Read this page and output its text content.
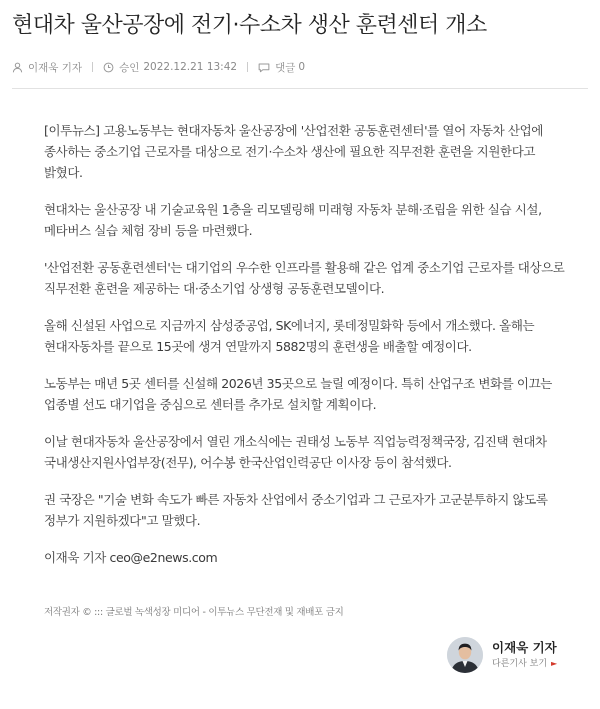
현대차 울산공장에 전기·수소차 생산 훈련센터 개소
이재욱 기자	승인 2022.12.21 13:42	댓글 0

[이투뉴스] 고용노동부는 현대자동차 울산공장에 '산업전환 공동훈련센터'를 열어 자동차 산업에 종사하는 중소기업 근로자를 대상으로 전기·수소차 생산에 필요한 직무전환 훈련을 지원한다고 밝혔다.

현대차는 울산공장 내 기술교육원 1층을 리모델링해 미래형 자동차 분해·조립을 위한 실습 시설, 메타버스 실습 체험 장비 등을 마련했다.

'산업전환 공동훈련센터'는 대기업의 우수한 인프라를 활용해 같은 업계 중소기업 근로자를 대상으로 직무전환 훈련을 제공하는 대·중소기업 상생형 공동훈련모델이다.

올해 신설된 사업으로 지금까지 삼성중공업, SK에너지, 롯데정밀화학 등에서 개소했다. 올해는 현대자동차를 끝으로 15곳에 생겨 연말까지 5882명의 훈련생을 배출할 예정이다.

노동부는 매년 5곳 센터를 신설해 2026년 35곳으로 늘릴 예정이다. 특히 산업구조 변화를 이끄는 업종별 선도 대기업을 중심으로 센터를 추가로 설치할 계획이다.

이날 현대자동차 울산공장에서 열린 개소식에는 권태성 노동부 직업능력정책국장, 김진택 현대차 국내생산지원사업부장(전무), 어수봉 한국산업인력공단 이사장 등이 참석했다.

권 국장은 "기술 변화 속도가 빠른 자동차 산업에서 중소기업과 그 근로자가 고군분투하지 않도록 정부가 지원하겠다"고 말했다.

이재욱 기자 ceo@e2news.com

저작권자 © ::: 글로벌 녹색성장 미디어 - 이투뉴스 무단전재 및 재배포 금지
이재욱 기자
다른기사 보기 ►
